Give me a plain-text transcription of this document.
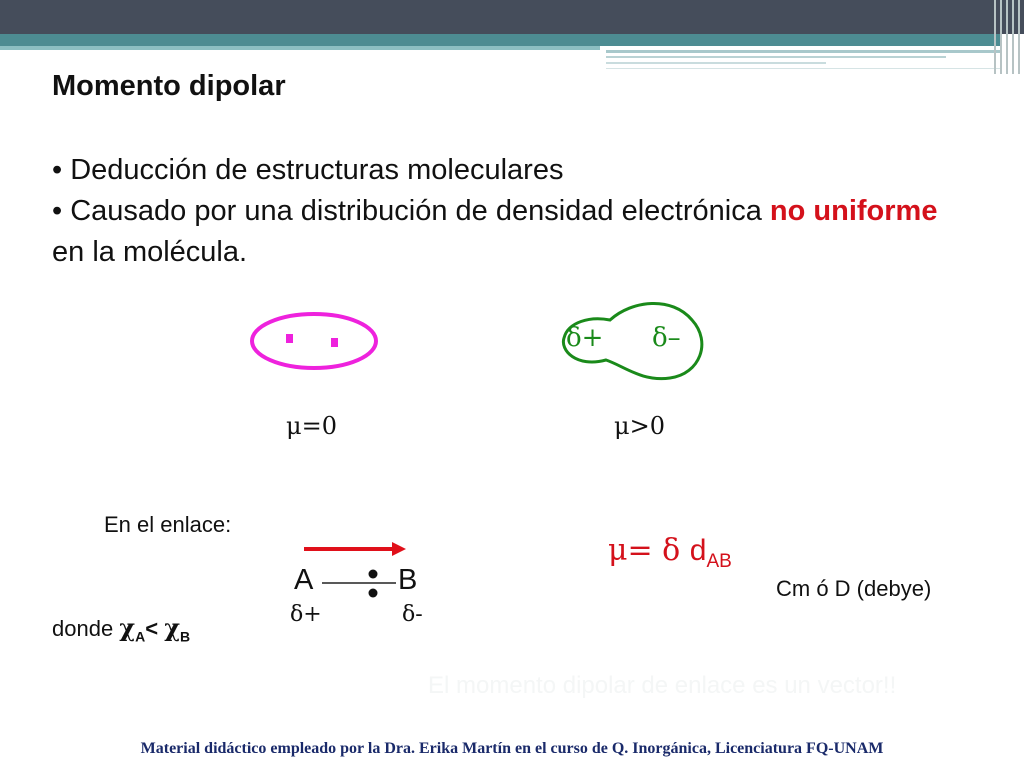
Momento dipolar
• Deducción de estructuras moleculares
• Causado por una distribución de densidad electrónica no uniforme en la molécula.
μ=0	μ>0
δ+ δ–
En el enlace:
A	B
δ+	δ-
μ= δ $d_{AB}$
Cm ó D (debye)
donde $\chi_A< \chi_B$
El momento dipolar de enlace es un vector!!
Material didáctico empleado por la Dra. Erika Martín en el curso de Q. Inorgánica, Licenciatura FQ-UNAM
